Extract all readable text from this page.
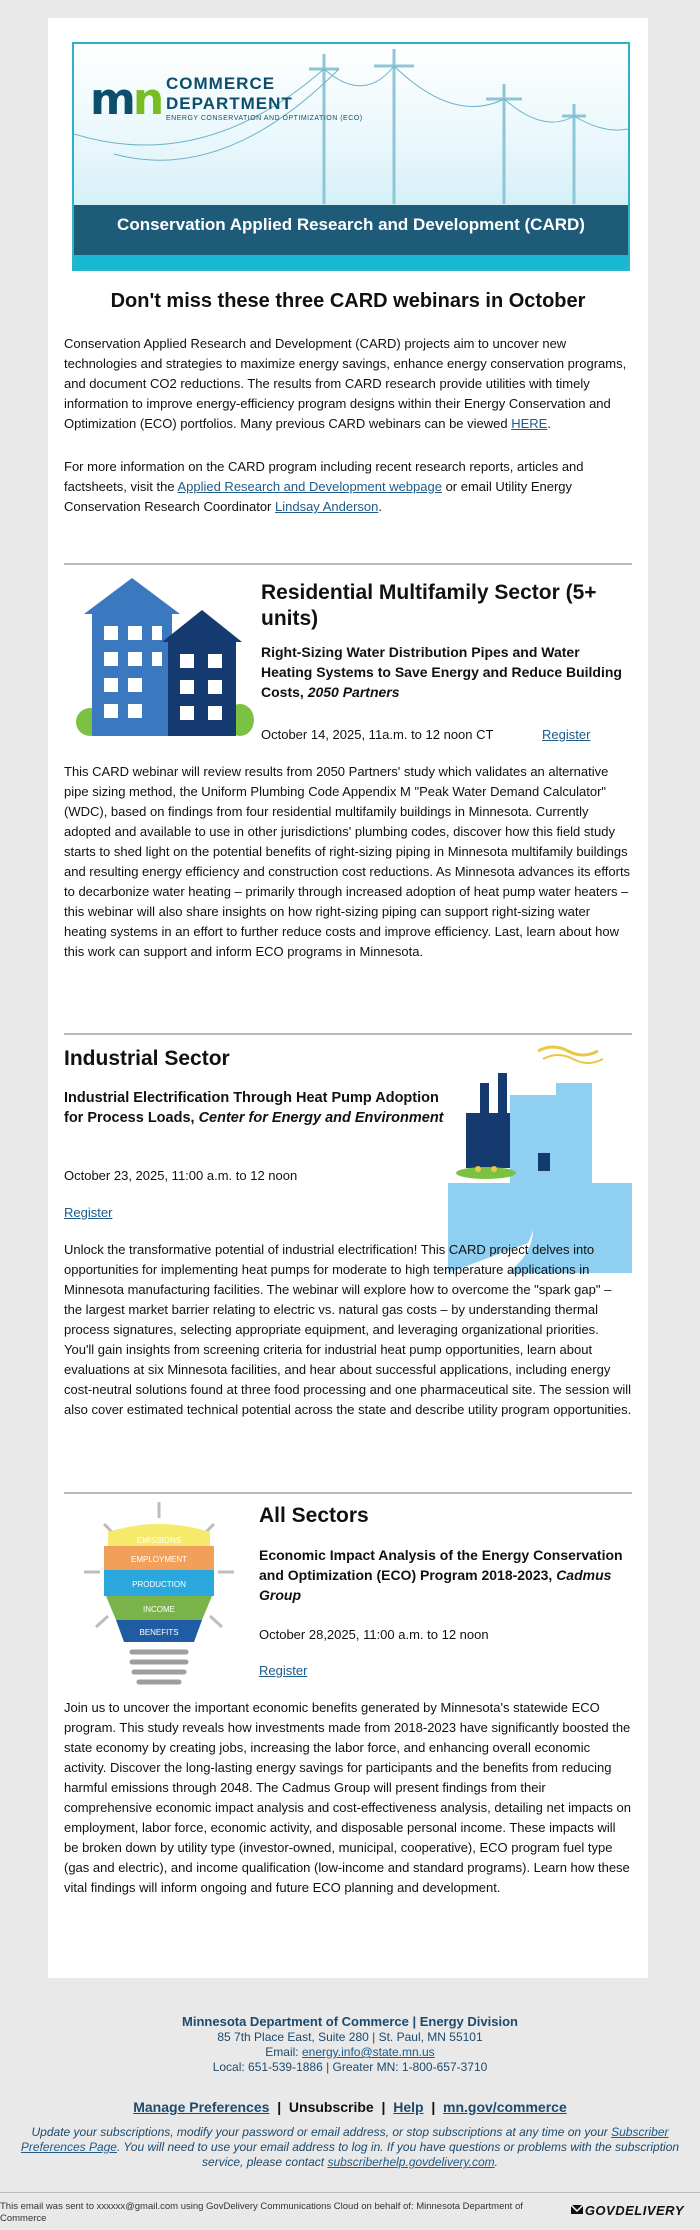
mn COMMERCE
DEPARTMENT
ENERGY CONSERVATION AND OPTIMIZATION (ECO)
Conservation Applied Research and Development (CARD)
Don't miss these three CARD webinars in October
Conservation Applied Research and Development (CARD) projects aim to uncover new technologies and strategies to maximize energy savings, enhance energy conservation programs, and document CO2 reductions. The results from CARD research provide utilities with timely information to improve energy-efficiency program designs within their Energy Conservation and Optimization (ECO) portfolios. Many previous CARD webinars can be viewed HERE.
For more information on the CARD program including recent research reports, articles and factsheets, visit the Applied Research and Development webpage or email Utility Energy Conservation Research Coordinator Lindsay Anderson.
Residential Multifamily Sector (5+ units)
Right-Sizing Water Distribution Pipes and Water Heating Systems to Save Energy and Reduce Building Costs, 2050 Partners
October 14, 2025, 11a.m. to 12 noon CT	Register
This CARD webinar will review results from 2050 Partners' study which validates an alternative pipe sizing method, the Uniform Plumbing Code Appendix M "Peak Water Demand Calculator" (WDC), based on findings from four residential multifamily buildings in Minnesota. Currently adopted and available to use in other jurisdictions' plumbing codes, discover how this field study starts to shed light on the potential benefits of right-sizing piping in Minnesota multifamily buildings and resulting energy efficiency and construction cost reductions. As Minnesota advances its efforts to decarbonize water heating – primarily through increased adoption of heat pump water heaters – this webinar will also share insights on how right-sizing piping can support right-sizing water heating systems in an effort to further reduce costs and improve efficiency. Last, learn about how this work can support and inform ECO programs in Minnesota.
Industrial Sector
Industrial Electrification Through Heat Pump Adoption for Process Loads, Center for Energy and Environment
October 23, 2025, 11:00 a.m. to 12 noon
Register
Unlock the transformative potential of industrial electrification! This CARD project delves into opportunities for implementing heat pumps for moderate to high temperature applications in Minnesota manufacturing facilities. The webinar will explore how to overcome the "spark gap" – the largest market barrier relating to electric vs. natural gas costs – by understanding thermal process signatures, selecting appropriate equipment, and leveraging organizational priorities. You'll gain insights from screening criteria for industrial heat pump opportunities, learn about evaluations at six Minnesota facilities, and hear about successful applications, including energy cost-neutral solutions found at three food processing and one pharmaceutical site. The session will also cover estimated technical potential across the state and describe utility program opportunities.
EMISSIONS
EMPLOYMENT
PRODUCTION
INCOME
BENEFITS
All Sectors
Economic Impact Analysis of the Energy Conservation and Optimization (ECO) Program 2018-2023, Cadmus Group
October 28,2025, 11:00 a.m. to 12 noon
Register
Join us to uncover the important economic benefits generated by Minnesota's statewide ECO program. This study reveals how investments made from 2018-2023 have significantly boosted the state economy by creating jobs, increasing the labor force, and enhancing overall economic activity. Discover the long-lasting energy savings for participants and the benefits from reducing harmful emissions through 2048. The Cadmus Group will present findings from their comprehensive economic impact analysis and cost-effectiveness analysis, detailing net impacts on employment, labor force, economic activity, and disposable personal income. These impacts will be broken down by utility type (investor-owned, municipal, cooperative), ECO program fuel type (gas and electric), and income qualification (low-income and standard programs). Learn how these vital findings will inform ongoing and future ECO planning and development.
Minnesota Department of Commerce | Energy Division
85 7th Place East, Suite 280 | St. Paul, MN 55101
Email: energy.info@state.mn.us
Local: 651-539-1886 | Greater MN: 1-800-657-3710
Manage Preferences  |  Unsubscribe  |  Help  |  mn.gov/commerce
Update your subscriptions, modify your password or email address, or stop subscriptions at any time on your Subscriber Preferences Page. You will need to use your email address to log in. If you have questions or problems with the subscription service, please contact subscriberhelp.govdelivery.com.
This email was sent to xxxxxx@gmail.com using GovDelivery Communications Cloud on behalf of: Minnesota Department of Commerce
GOVDELIVERY
